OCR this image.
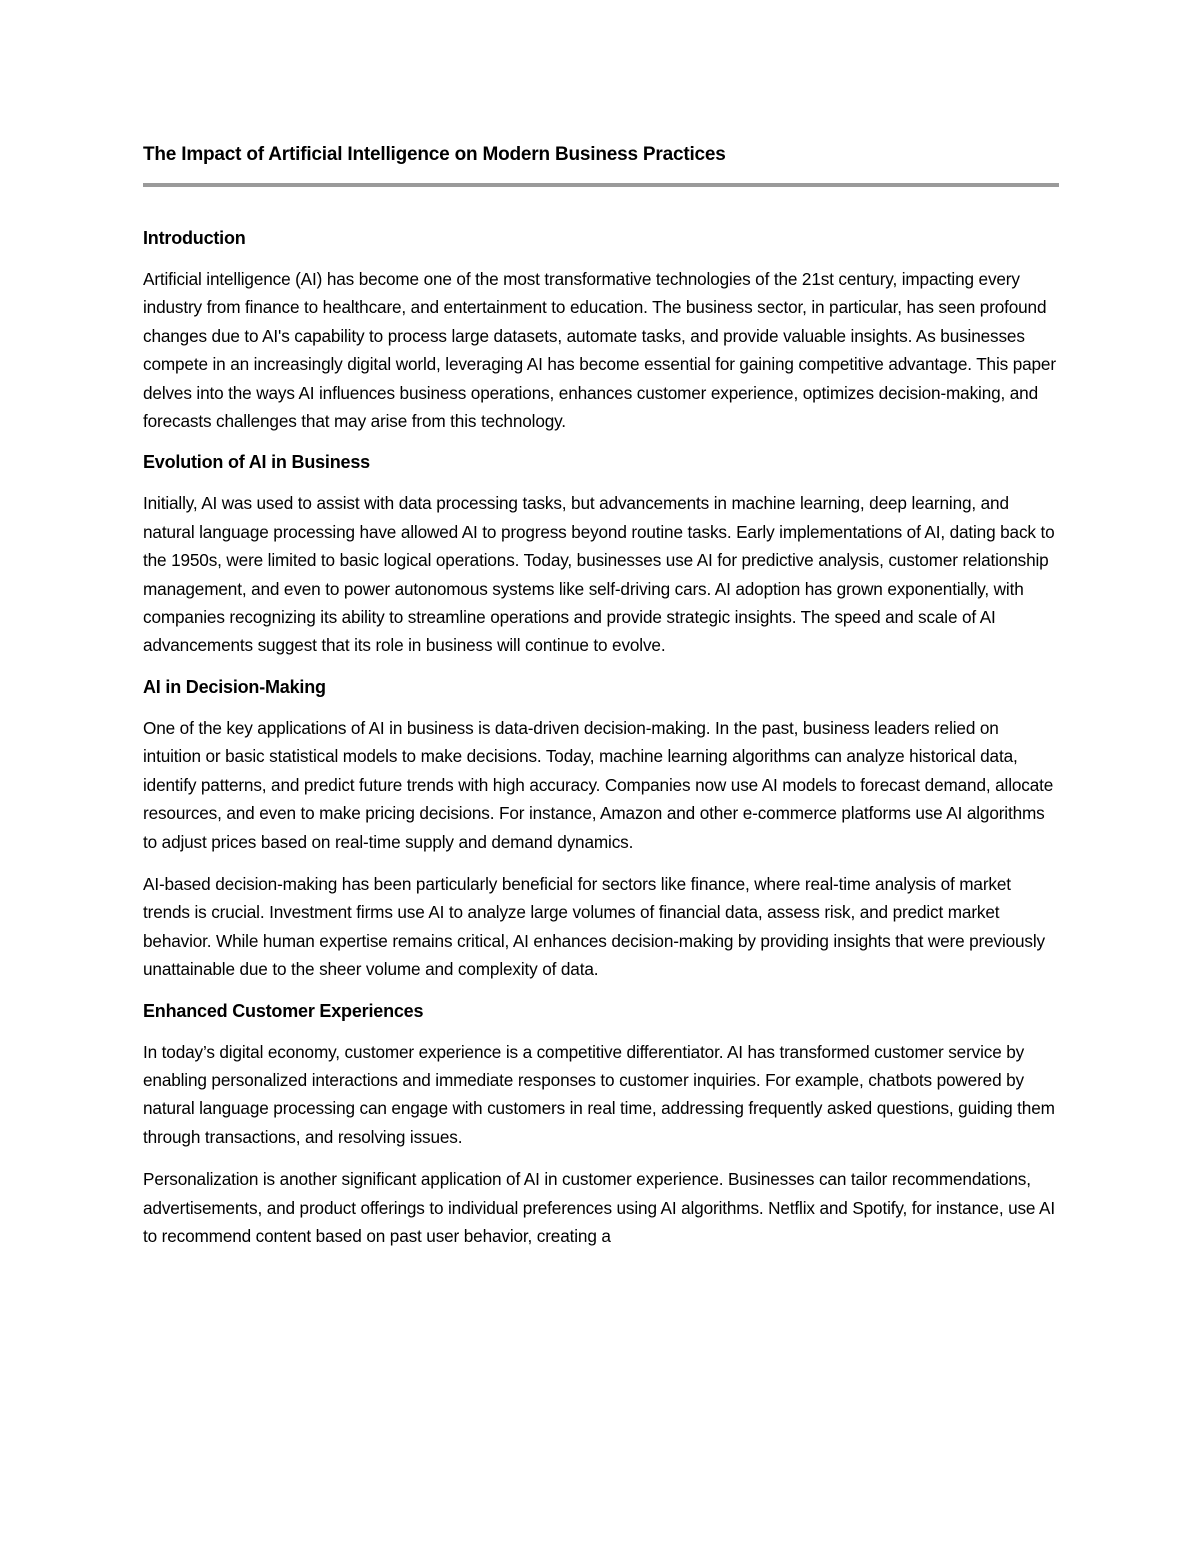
The Impact of Artificial Intelligence on Modern Business Practices
Introduction

Artificial intelligence (AI) has become one of the most transformative technologies of the 21st century, impacting every industry from finance to healthcare, and entertainment to education. The business sector, in particular, has seen profound changes due to AI's capability to process large datasets, automate tasks, and provide valuable insights. As businesses compete in an increasingly digital world, leveraging AI has become essential for gaining competitive advantage. This paper delves into the ways AI influences business operations, enhances customer experience, optimizes decision-making, and forecasts challenges that may arise from this technology.

Evolution of AI in Business

Initially, AI was used to assist with data processing tasks, but advancements in machine learning, deep learning, and natural language processing have allowed AI to progress beyond routine tasks. Early implementations of AI, dating back to the 1950s, were limited to basic logical operations. Today, businesses use AI for predictive analysis, customer relationship management, and even to power autonomous systems like self-driving cars. AI adoption has grown exponentially, with companies recognizing its ability to streamline operations and provide strategic insights. The speed and scale of AI advancements suggest that its role in business will continue to evolve.

AI in Decision-Making

One of the key applications of AI in business is data-driven decision-making. In the past, business leaders relied on intuition or basic statistical models to make decisions. Today, machine learning algorithms can analyze historical data, identify patterns, and predict future trends with high accuracy. Companies now use AI models to forecast demand, allocate resources, and even to make pricing decisions. For instance, Amazon and other e-commerce platforms use AI algorithms to adjust prices based on real-time supply and demand dynamics.

AI-based decision-making has been particularly beneficial for sectors like finance, where real-time analysis of market trends is crucial. Investment firms use AI to analyze large volumes of financial data, assess risk, and predict market behavior. While human expertise remains critical, AI enhances decision-making by providing insights that were previously unattainable due to the sheer volume and complexity of data.

Enhanced Customer Experiences

In today’s digital economy, customer experience is a competitive differentiator. AI has transformed customer service by enabling personalized interactions and immediate responses to customer inquiries. For example, chatbots powered by natural language processing can engage with customers in real time, addressing frequently asked questions, guiding them through transactions, and resolving issues.

Personalization is another significant application of AI in customer experience. Businesses can tailor recommendations, advertisements, and product offerings to individual preferences using AI algorithms. Netflix and Spotify, for instance, use AI to recommend content based on past user behavior, creating a
